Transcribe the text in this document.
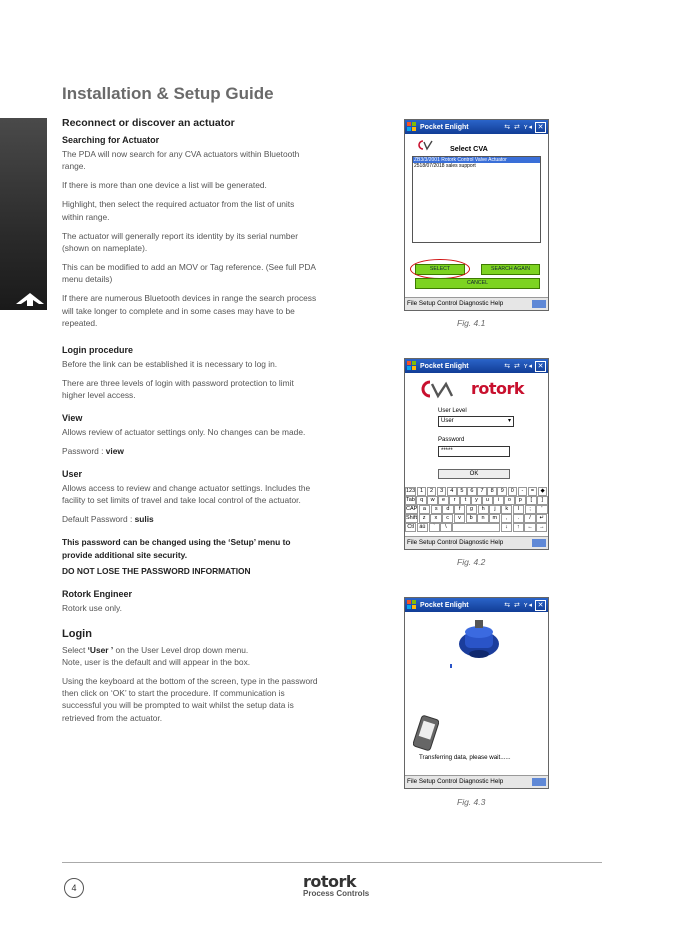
Installation & Setup Guide
Reconnect or discover an actuator
Searching for Actuator

The PDA will now search for any CVA actuators within Bluetooth range.

If there is more than one device a list will be generated.

Highlight, then select the required actuator from the list of units within range.

The actuator will generally report its identity by its serial number (shown on nameplate).

This can be modified to add an MOV or Tag reference. (See full PDA menu details)

If there are numerous Bluetooth devices in range the search process will take longer to complete and in some cases may have to be repeated.

Login procedure

Before the link can be established it is necessary to log in.

There are three levels of login with password protection to limit higher level access.

View

Allows review of actuator settings only. No changes can be made.

Password : view

User

Allows access to review and change actuator settings. Includes the facility to set limits of travel and take local control of the actuator.

Default Password : sulis

This password can be changed using the ‘Setup’ menu to provide additional site security.

DO NOT LOSE THE PASSWORD INFORMATION

Rotork Engineer

Rotork use only.

Login

Select ‘User ’ on the User Level drop down menu.
Note, user is the default and will appear in the box.

Using the keyboard at the bottom of the screen, type in the password then click on ‘OK’ to start the procedure. If communication is successful you will be prompted to wait whilst the setup data is retrieved from the actuator.

Pocket Enlight	⇆ ⇄ ʏ◂ ✕
Select CVA
ZB3/3/2001 Rotork Control Valve Actuator
2518/07/2018 sales support
SELECT	SEARCH AGAIN
CANCEL
File Setup Control Diagnostic Help
Fig. 4.1
Pocket Enlight	⇆ ⇄ ʏ◂ ✕
rotork
User Level
User	▾
Password
*****
OK
123 1	2	3	4	5	6	7	8	9	0	-	=	◆
Tab q	w	e	r	t	y	u	i	o	p	[	]
CAP	a	s	d	f	g	h	j	k	l	;	'
Shift	z	x	c	v	b	n	m	,	.	/	↵
Ctl áü	`	\	↓	↑	←	→
File Setup Control Diagnostic Help
Fig. 4.2
Pocket Enlight	⇆ ⇄ ʏ◂ ✕
Transferring data, please wait......
File Setup Control Diagnostic Help
Fig. 4.3
4	rotork
Process Controls
